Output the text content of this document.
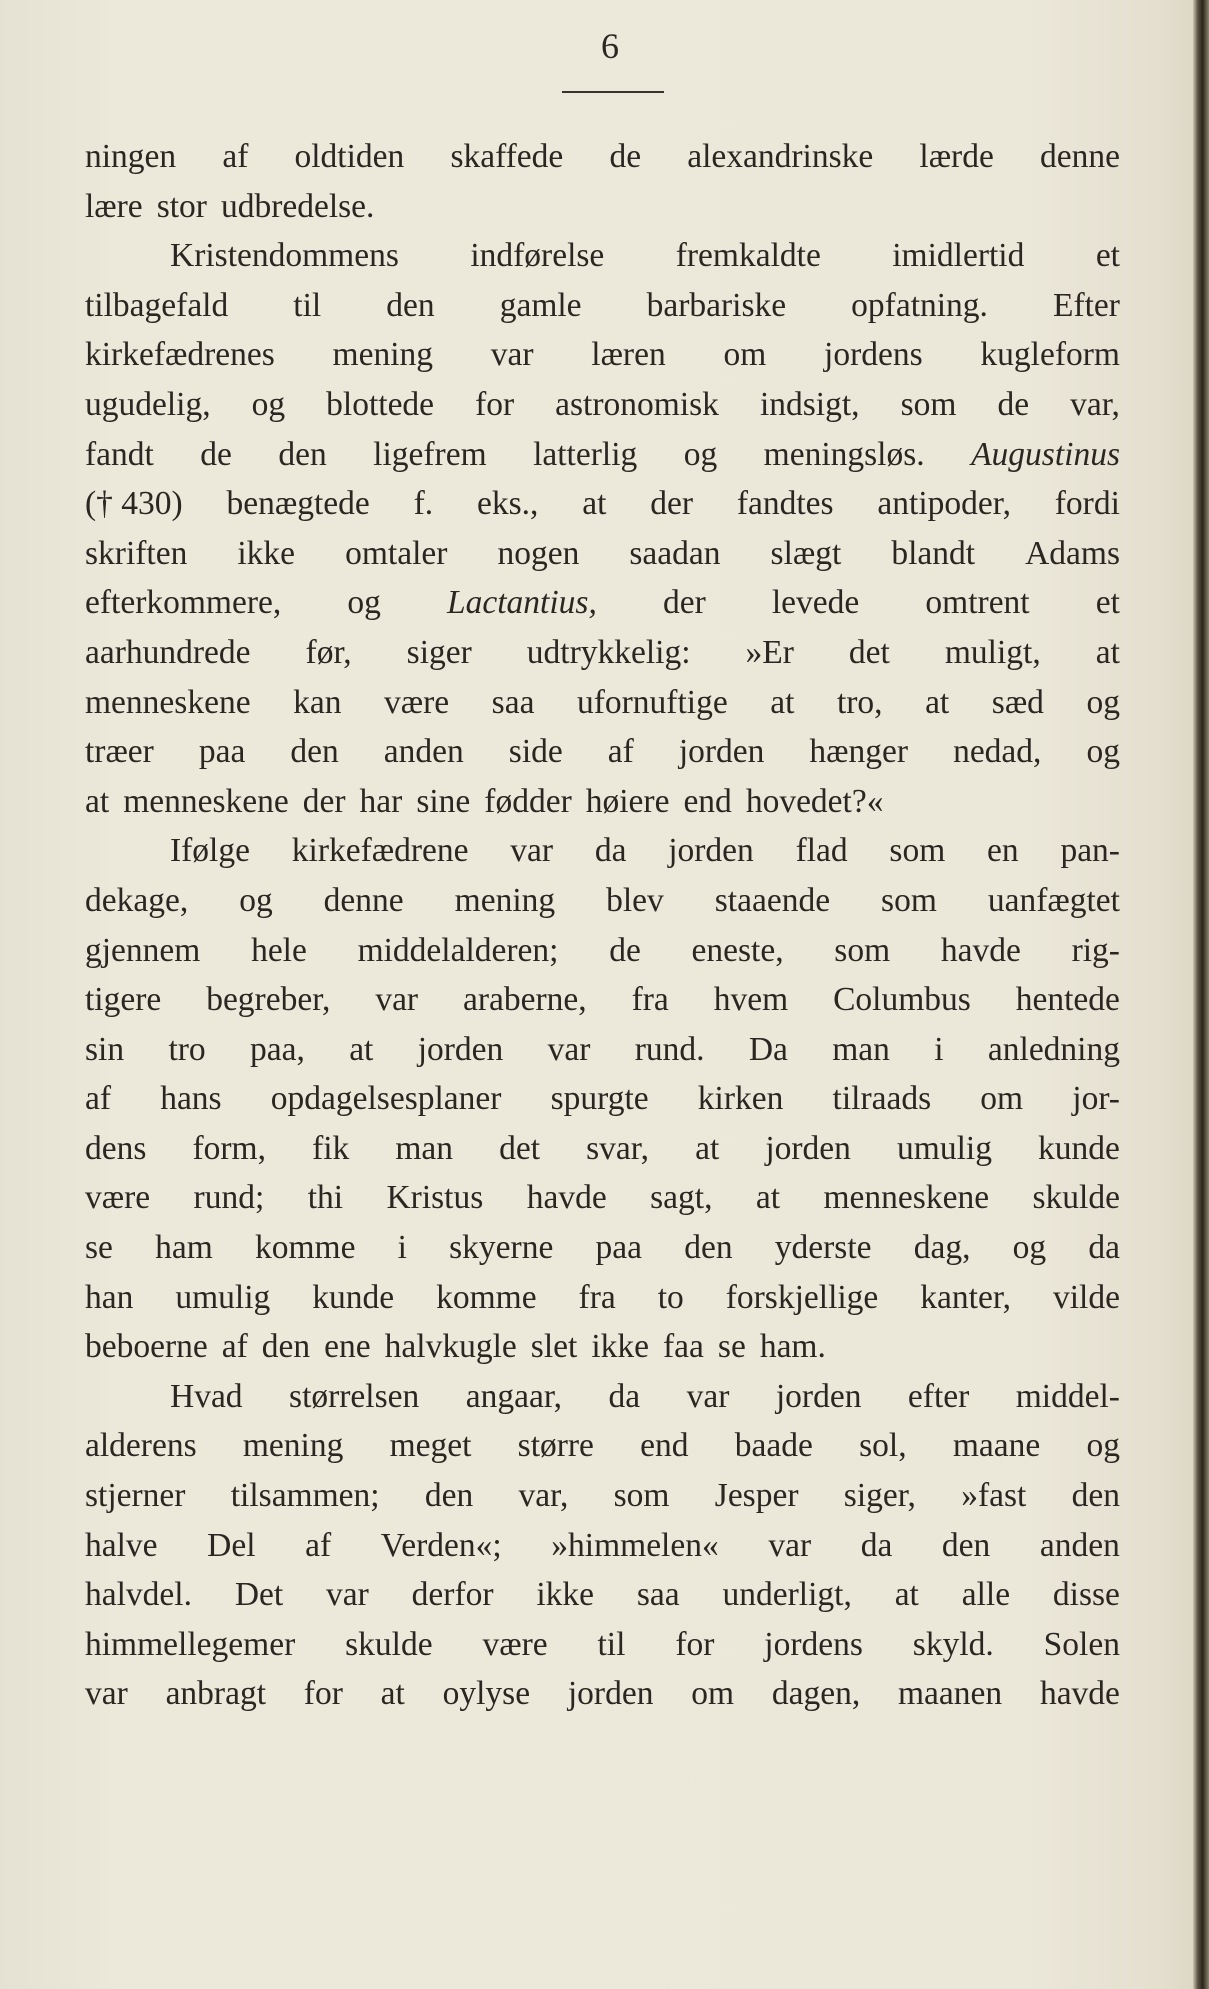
6
ningen af oldtiden skaffede de alexandrinske lærde denne
lære stor udbredelse.
Kristendommens indførelse fremkaldte imidlertid et
tilbagefald til den gamle barbariske opfatning. Efter
kirkefædrenes mening var læren om jordens kugleform
ugudelig, og blottede for astronomisk indsigt, som de var,
fandt de den ligefrem latterlig og meningsløs. Augustinus
(† 430) benægtede f. eks., at der fandtes antipoder, fordi
skriften ikke omtaler nogen saadan slægt blandt Adams
efterkommere, og Lactantius, der levede omtrent et
aarhundrede før, siger udtrykkelig: »Er det muligt, at
menneskene kan være saa ufornuftige at tro, at sæd og
træer paa den anden side af jorden hænger nedad, og
at menneskene der har sine fødder høiere end hovedet?«
Ifølge kirkefædrene var da jorden flad som en pan-
dekage, og denne mening blev staaende som uanfægtet
gjennem hele middelalderen; de eneste, som havde rig-
tigere begreber, var araberne, fra hvem Columbus hentede
sin tro paa, at jorden var rund. Da man i anledning
af hans opdagelsesplaner spurgte kirken tilraads om jor-
dens form, fik man det svar, at jorden umulig kunde
være rund; thi Kristus havde sagt, at menneskene skulde
se ham komme i skyerne paa den yderste dag, og da
han umulig kunde komme fra to forskjellige kanter, vilde
beboerne af den ene halvkugle slet ikke faa se ham.
Hvad størrelsen angaar, da var jorden efter middel-
alderens mening meget større end baade sol, maane og
stjerner tilsammen; den var, som Jesper siger, »fast den
halve Del af Verden«; »himmelen« var da den anden
halvdel. Det var derfor ikke saa underligt, at alle disse
himmellegemer skulde være til for jordens skyld. Solen
var anbragt for at oylyse jorden om dagen, maanen havde
